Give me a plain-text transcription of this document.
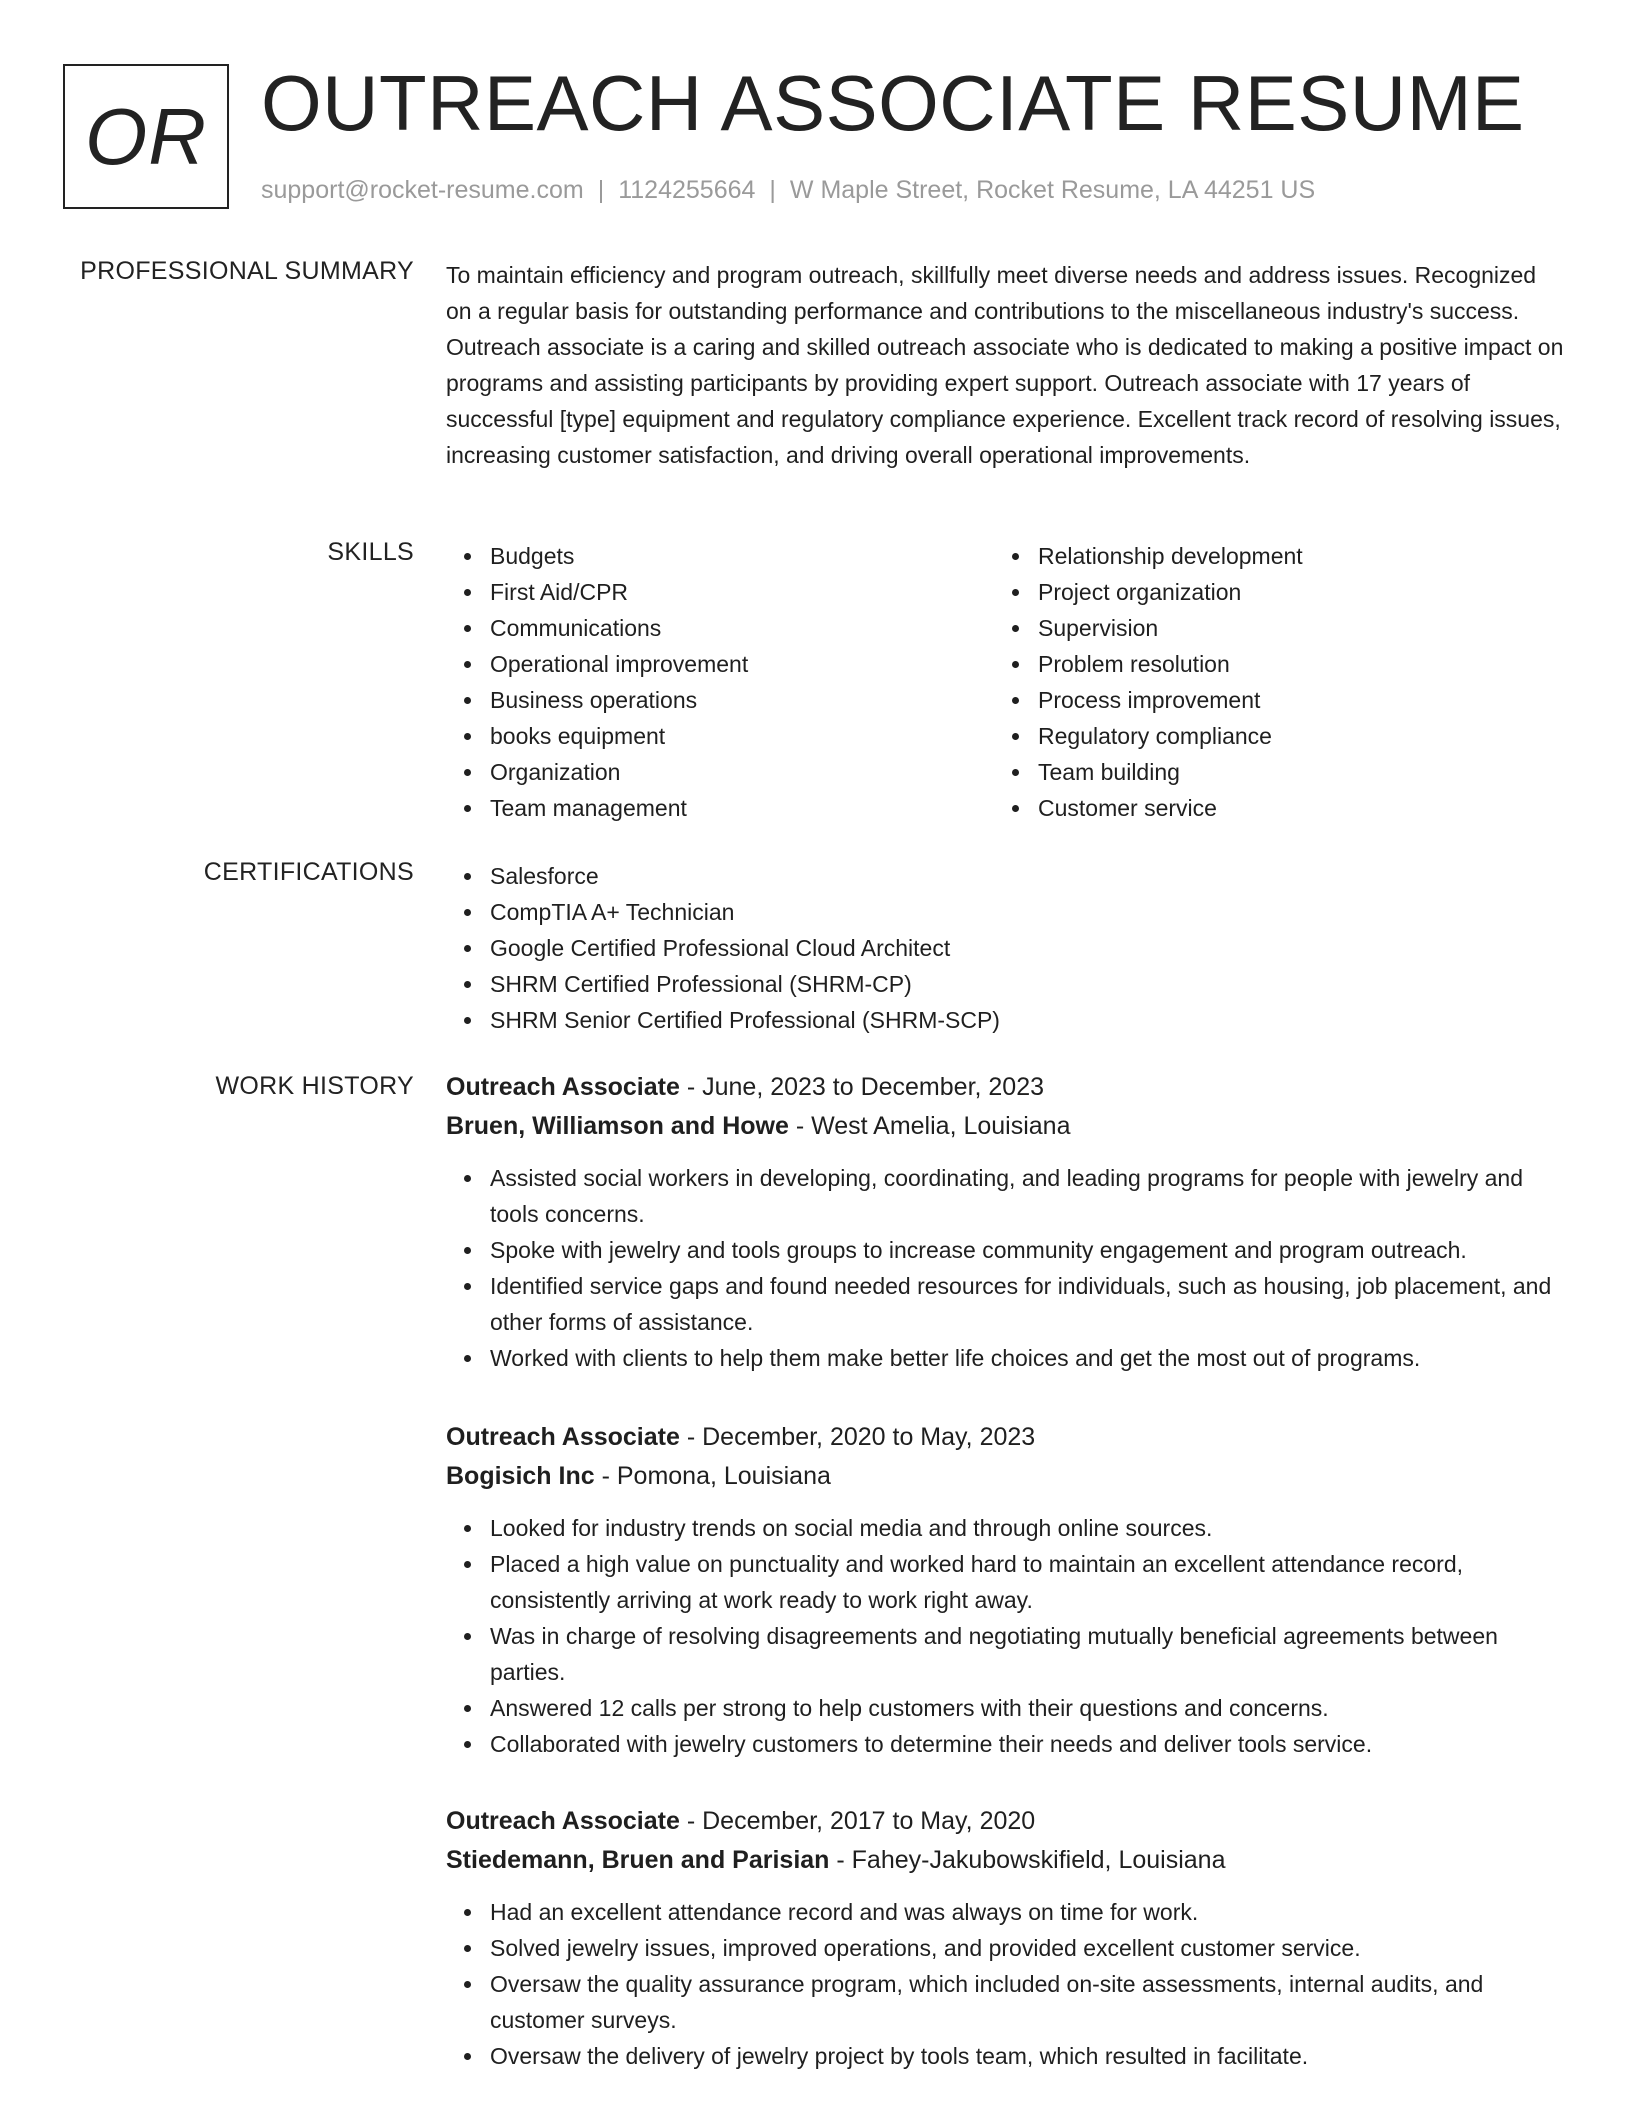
OR OUTREACH ASSOCIATE RESUME
support@rocket-resume.com | 1124255664 | W Maple Street, Rocket Resume, LA 44251 US
PROFESSIONAL SUMMARY To maintain efficiency and program outreach, skillfully meet diverse needs and address issues. Recognized on a regular basis for outstanding performance and contributions to the miscellaneous industry's success. Outreach associate is a caring and skilled outreach associate who is dedicated to making a positive impact on programs and assisting participants by providing expert support. Outreach associate with 17 years of successful [type] equipment and regulatory compliance experience. Excellent track record of resolving issues, increasing customer satisfaction, and driving overall operational improvements.
SKILLS	Budgets
First Aid/CPR
Communications
Operational improvement
Business operations
books equipment
Organization
Team management
Relationship development
Project organization
Supervision
Problem resolution
Process improvement
Regulatory compliance
Team building
Customer service
CERTIFICATIONS	Salesforce
CompTIA A+ Technician
Google Certified Professional Cloud Architect
SHRM Certified Professional (SHRM-CP)
SHRM Senior Certified Professional (SHRM-SCP)
WORK HISTORY Outreach Associate - June, 2023 to December, 2023
Bruen, Williamson and Howe - West Amelia, Louisiana
Assisted social workers in developing, coordinating, and leading programs for people with jewelry and tools concerns.
Spoke with jewelry and tools groups to increase community engagement and program outreach.
Identified service gaps and found needed resources for individuals, such as housing, job placement, and other forms of assistance.
Worked with clients to help them make better life choices and get the most out of programs.
Outreach Associate - December, 2020 to May, 2023
Bogisich Inc - Pomona, Louisiana
Looked for industry trends on social media and through online sources.
Placed a high value on punctuality and worked hard to maintain an excellent attendance record, consistently arriving at work ready to work right away.
Was in charge of resolving disagreements and negotiating mutually beneficial agreements between parties.
Answered 12 calls per strong to help customers with their questions and concerns.
Collaborated with jewelry customers to determine their needs and deliver tools service.
Outreach Associate - December, 2017 to May, 2020
Stiedemann, Bruen and Parisian - Fahey-Jakubowskifield, Louisiana
Had an excellent attendance record and was always on time for work.
Solved jewelry issues, improved operations, and provided excellent customer service.
Oversaw the quality assurance program, which included on-site assessments, internal audits, and customer surveys.
Oversaw the delivery of jewelry project by tools team, which resulted in facilitate.
